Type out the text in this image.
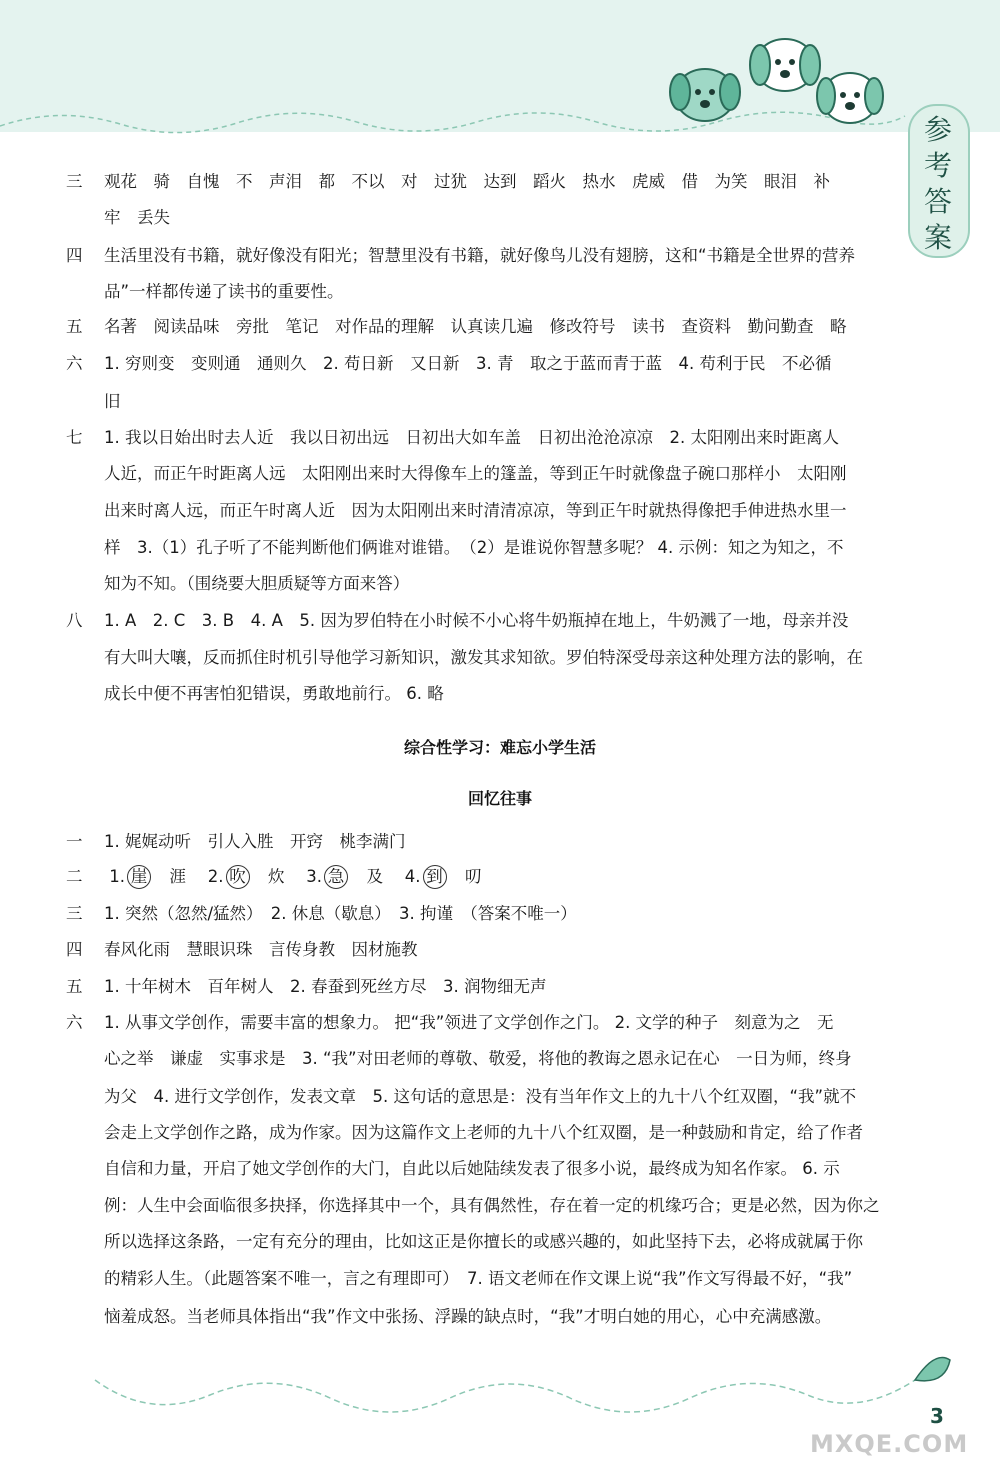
参
考
答
案
三 观花　骑　自愧　不　声泪　都　不以　对　过犹　达到　蹈火　热水　虎威　借　为笑　眼泪　补
牢　丢失
四 生活里没有书籍，就好像没有阳光；智慧里没有书籍，就好像鸟儿没有翅膀，这和“书籍是全世界的营养
品”一样都传递了读书的重要性。
五 名著　阅读品味　旁批　笔记　对作品的理解　认真读几遍　修改符号　读书　查资料　勤问勤查　略
六 1. 穷则变　变则通　通则久　2. 苟日新　又日新　3. 青　取之于蓝而青于蓝　4. 苟利于民　不必循
旧
七 1. 我以日始出时去人近　我以日初出远　日初出大如车盖　日初出沧沧凉凉　2. 太阳刚出来时距离人
人近，而正午时距离人远　太阳刚出来时大得像车上的篷盖，等到正午时就像盘子碗口那样小　太阳刚
出来时离人远，而正午时离人近　因为太阳刚出来时清清凉凉，等到正午时就热得像把手伸进热水里一
样　3.（1）孔子听了不能判断他们俩谁对谁错。　（2）是谁说你智慧多呢？ 4. 示例：知之为知之，不
知为不知。（围绕要大胆质疑等方面来答）
八 1. A　2. C　3. B　4. A　5. 因为罗伯特在小时候不小心将牛奶瓶掉在地上，牛奶溅了一地，母亲并没
有大叫大嚷，反而抓住时机引导他学习新知识，激发其求知欲。罗伯特深受母亲这种处理方法的影响，在
成长中便不再害怕犯错误，勇敢地前行。 6. 略
综合性学习：难忘小学生活
回忆往事
一 1. 娓娓动听　引人入胜　开窍　桃李满门
二 1. 崖　 涯　 2. 吹　 炊　 3. 急　 及　 4. 到　 叨
三 1. 突然（忽然/猛然）　2. 休息（歇息）　3. 拘谨　（答案不唯一）
四 春风化雨　慧眼识珠　言传身教　因材施教
五 1. 十年树木　百年树人　2. 春蚕到死丝方尽　3. 润物细无声
六 1. 从事文学创作，需要丰富的想象力。 把“我”领进了文学创作之门。 2. 文学的种子　刻意为之　无
心之举　谦虚　实事求是　3. “我”对田老师的尊敬、敬爱，将他的教诲之恩永记在心　一日为师，终身
为父　4. 进行文学创作，发表文章　5. 这句话的意思是：没有当年作文上的九十八个红双圈，“我”就不
会走上文学创作之路，成为作家。因为这篇作文上老师的九十八个红双圈，是一种鼓励和肯定，给了作者
自信和力量，开启了她文学创作的大门，自此以后她陆续发表了很多小说，最终成为知名作家。 6. 示
例：人生中会面临很多抉择，你选择其中一个，具有偶然性，存在着一定的机缘巧合；更是必然，因为你之
所以选择这条路，一定有充分的理由，比如这正是你擅长的或感兴趣的，如此坚持下去，必将成就属于你
的精彩人生。（此题答案不唯一，言之有理即可）　7. 语文老师在作文课上说“我”作文写得最不好，“我”
恼羞成怒。当老师具体指出“我”作文中张扬、浮躁的缺点时，“我”才明白她的用心，心中充满感激。
3
MXQE.COM
